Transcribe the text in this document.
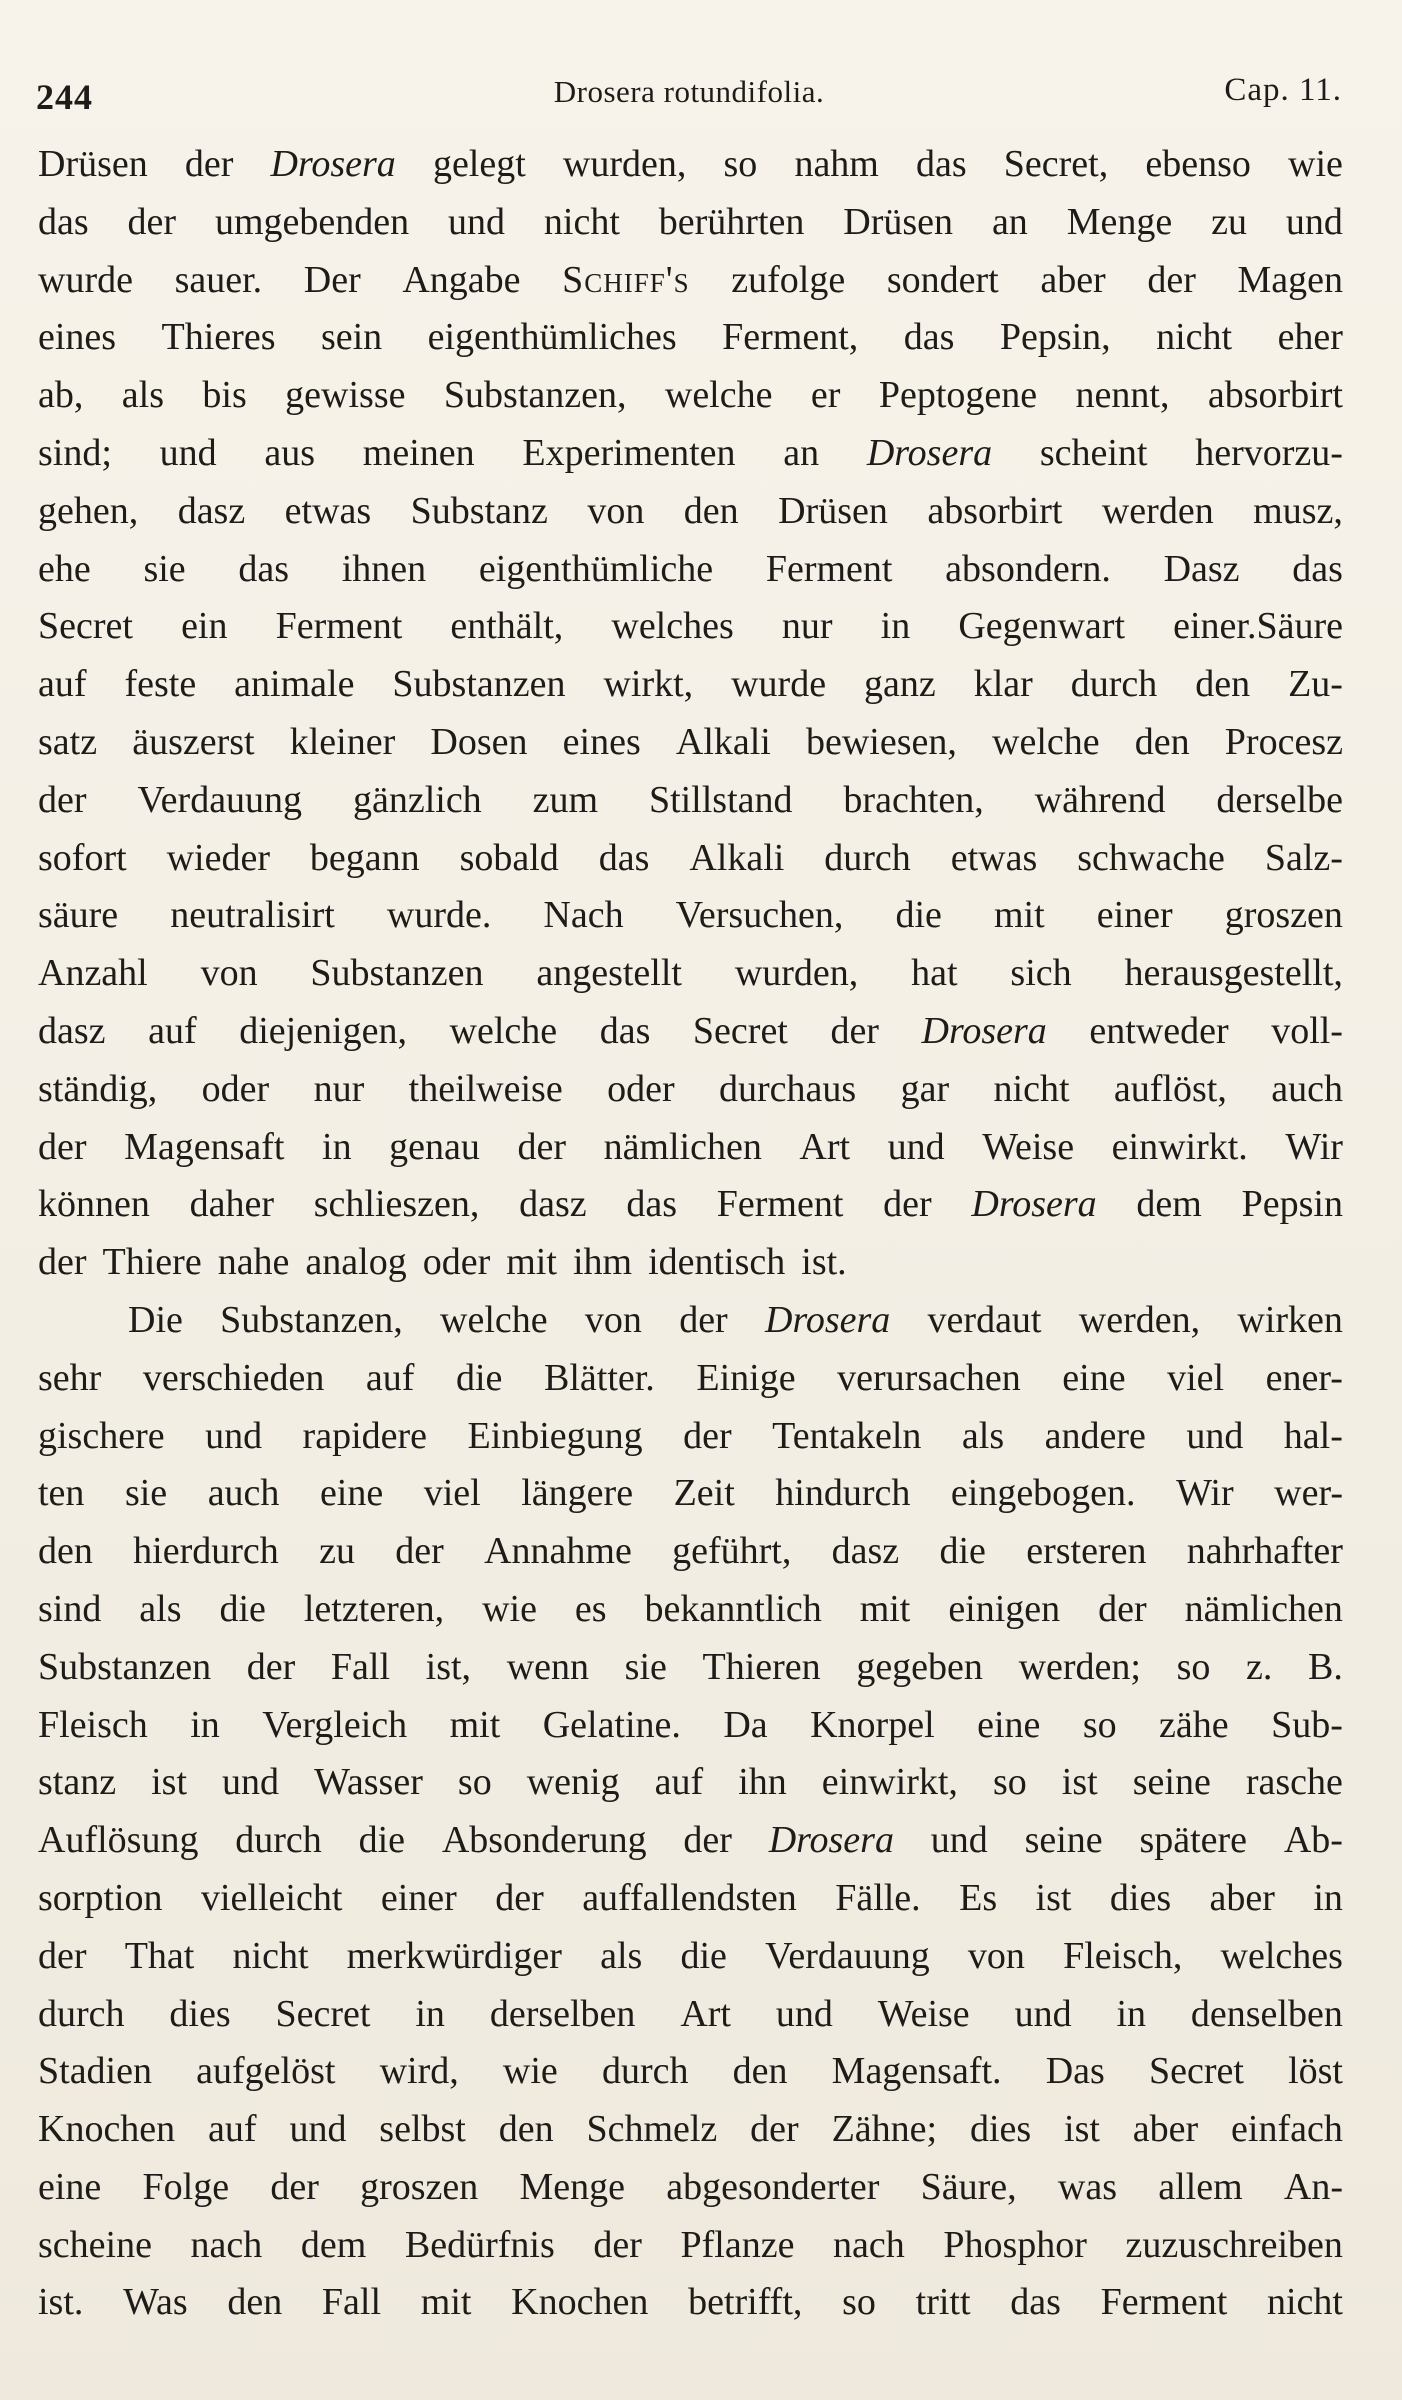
244	Drosera rotundifolia.	Cap. 11.
Drüsen der Drosera gelegt wurden, so nahm das Secret, ebenso wie
das der umgebenden und nicht berührten Drüsen an Menge zu und
wurde sauer. Der Angabe Schiff's zufolge sondert aber der Magen
eines Thieres sein eigenthümliches Ferment, das Pepsin, nicht eher
ab, als bis gewisse Substanzen, welche er Peptogene nennt, absorbirt
sind; und aus meinen Experimenten an Drosera scheint hervorzu-
gehen, dasz etwas Substanz von den Drüsen absorbirt werden musz,
ehe sie das ihnen eigenthümliche Ferment absondern. Dasz das
Secret ein Ferment enthält, welches nur in Gegenwart einer.Säure
auf feste animale Substanzen wirkt, wurde ganz klar durch den Zu-
satz äuszerst kleiner Dosen eines Alkali bewiesen, welche den Procesz
der Verdauung gänzlich zum Stillstand brachten, während derselbe
sofort wieder begann sobald das Alkali durch etwas schwache Salz-
säure neutralisirt wurde. Nach Versuchen, die mit einer groszen
Anzahl von Substanzen angestellt wurden, hat sich herausgestellt,
dasz auf diejenigen, welche das Secret der Drosera entweder voll-
ständig, oder nur theilweise oder durchaus gar nicht auflöst, auch
der Magensaft in genau der nämlichen Art und Weise einwirkt. Wir
können daher schlieszen, dasz das Ferment der Drosera dem Pepsin
der Thiere nahe analog oder mit ihm identisch ist.
Die Substanzen, welche von der Drosera verdaut werden, wirken
sehr verschieden auf die Blätter. Einige verursachen eine viel ener-
gischere und rapidere Einbiegung der Tentakeln als andere und hal-
ten sie auch eine viel längere Zeit hindurch eingebogen. Wir wer-
den hierdurch zu der Annahme geführt, dasz die ersteren nahrhafter
sind als die letzteren, wie es bekanntlich mit einigen der nämlichen
Substanzen der Fall ist, wenn sie Thieren gegeben werden; so z. B.
Fleisch in Vergleich mit Gelatine. Da Knorpel eine so zähe Sub-
stanz ist und Wasser so wenig auf ihn einwirkt, so ist seine rasche
Auflösung durch die Absonderung der Drosera und seine spätere Ab-
sorption vielleicht einer der auffallendsten Fälle. Es ist dies aber in
der That nicht merkwürdiger als die Verdauung von Fleisch, welches
durch dies Secret in derselben Art und Weise und in denselben
Stadien aufgelöst wird, wie durch den Magensaft. Das Secret löst
Knochen auf und selbst den Schmelz der Zähne; dies ist aber einfach
eine Folge der groszen Menge abgesonderter Säure, was allem An-
scheine nach dem Bedürfnis der Pflanze nach Phosphor zuzuschreiben
ist. Was den Fall mit Knochen betrifft, so tritt das Ferment nicht
